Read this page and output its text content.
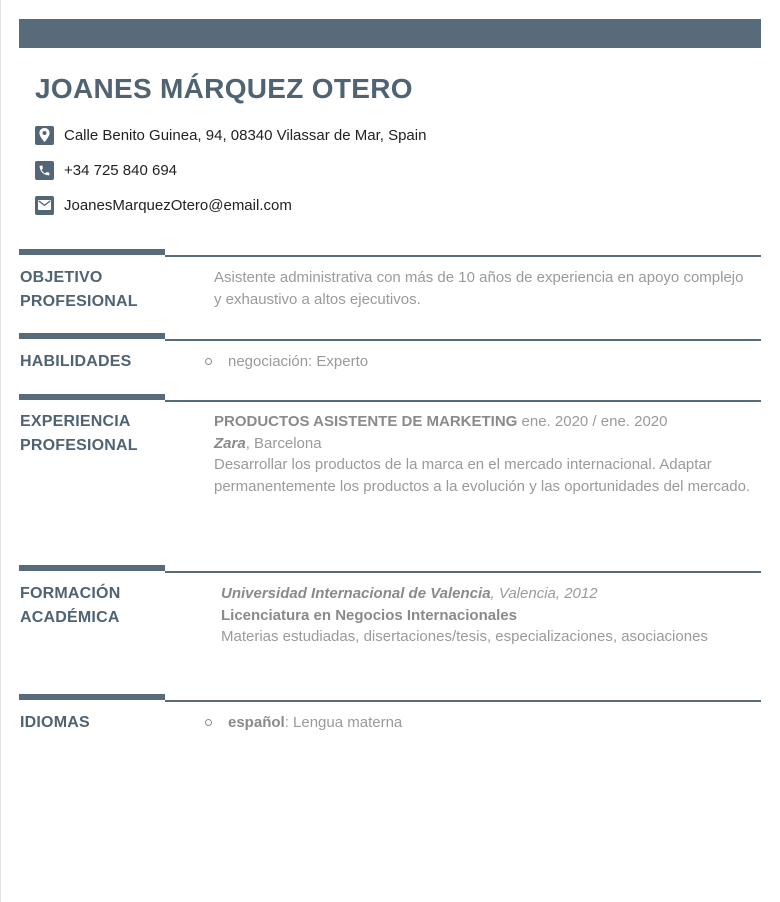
JOANES MÁRQUEZ OTERO
Calle Benito Guinea, 94, 08340 Vilassar de Mar, Spain
+34 725 840 694
JoanesMarquezOtero@email.com
OBJETIVO
PROFESIONAL
Asistente administrativa con más de 10 años de experiencia en apoyo complejo y exhaustivo a altos ejecutivos.
HABILIDADES	negociación: Experto
EXPERIENCIA
PROFESIONAL
PRODUCTOS ASISTENTE DE MARKETING ene. 2020 / ene. 2020
Zara, Barcelona
Desarrollar los productos de la marca en el mercado internacional. Adaptar permanentemente los productos a la evolución y las oportunidades del mercado.
FORMACIÓN
ACADÉMICA
Universidad Internacional de Valencia, Valencia, 2012
Licenciatura en Negocios Internacionales
Materias estudiadas, disertaciones/tesis, especializaciones, asociaciones
IDIOMAS	español: Lengua materna
